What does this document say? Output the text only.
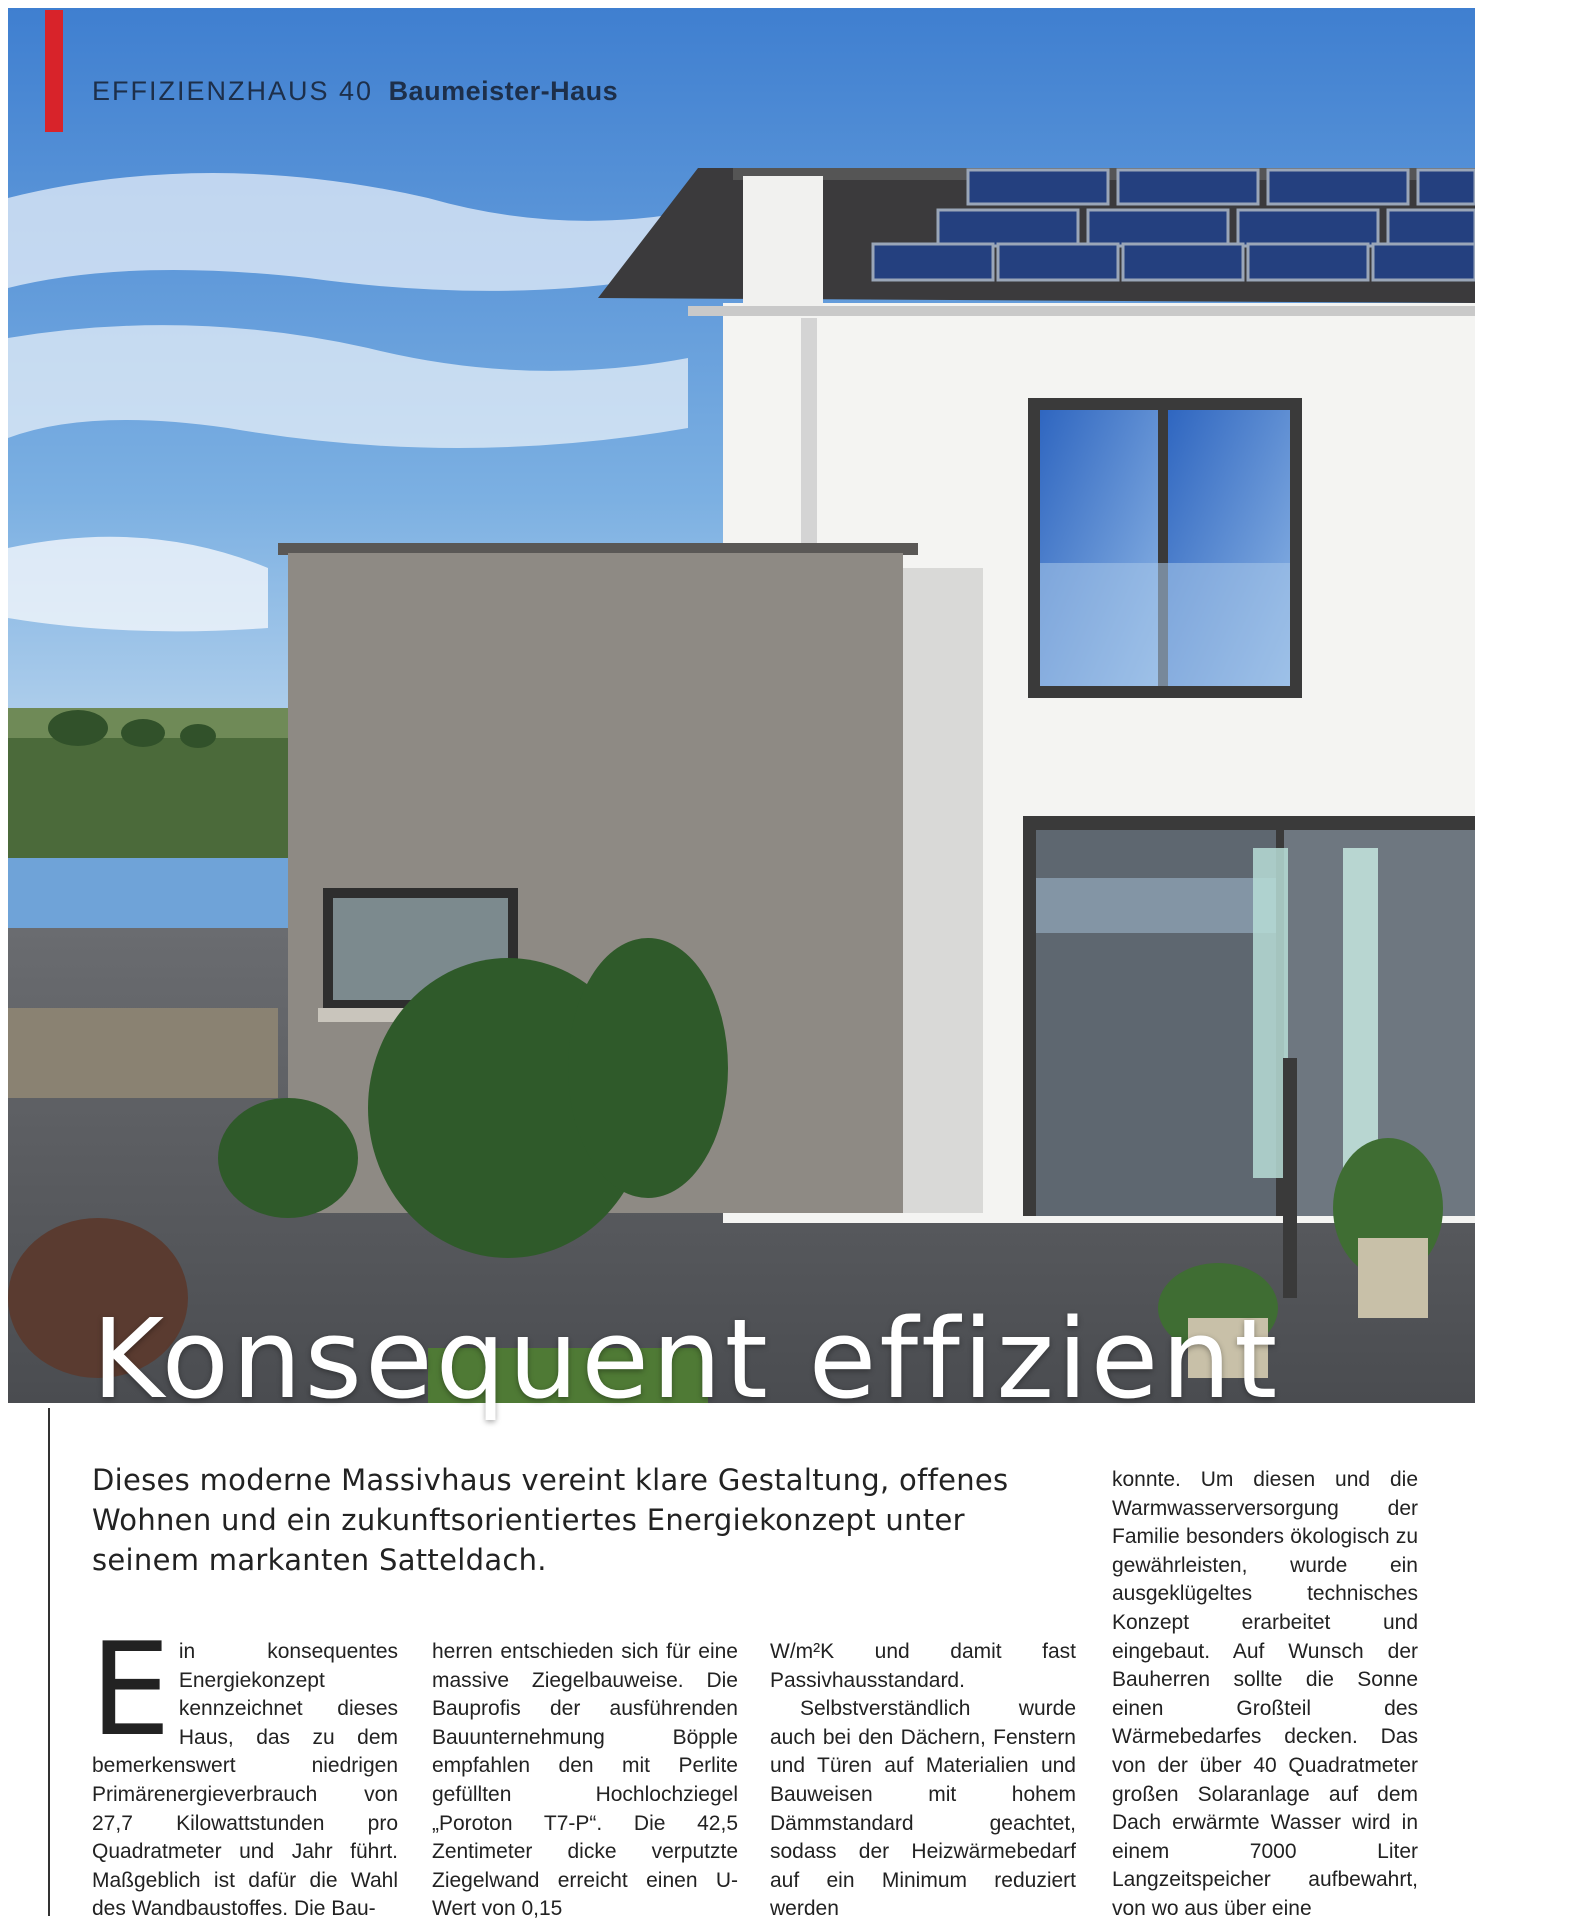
EFFIZIENZHAUS 40 Baumeister-Haus
Konsequent effizient
Dieses moderne Massivhaus vereint klare Gestaltung, offenes Wohnen und ein zukunftsorientiertes Energiekonzept unter seinem markanten Satteldach.
E in konsequentes Energiekonzept kennzeichnet dieses Haus, das zu dem bemerkenswert niedrigen Primärenergieverbrauch von 27,7 Kilowattstunden pro Quadratmeter und Jahr führt. Maßgeblich ist dafür die Wahl des Wandbaustoffes. Die Bau-
herren entschieden sich für eine massive Ziegelbauweise. Die Bauprofis der ausführenden Bauunternehmung Böpple empfahlen den mit Perlite gefüllten Hochlochziegel „Poroton T7-P“. Die 42,5 Zentimeter dicke verputzte Ziegelwand erreicht einen U-Wert von 0,15
W/m²K und damit fast Passivhausstandard.
Selbstverständlich wurde auch bei den Dächern, Fenstern und Türen auf Materialien und Bauweisen mit hohem Dämmstandard geachtet, sodass der Heizwärmebedarf auf ein Minimum reduziert werden
konnte. Um diesen und die Warmwasserversorgung der Familie besonders ökologisch zu gewährleisten, wurde ein ausgeklügeltes technisches Konzept erarbeitet und eingebaut. Auf Wunsch der Bauherren sollte die Sonne einen Großteil des Wärmebedarfes decken. Das von der über 40 Quadratmeter großen Solaranlage auf dem Dach erwärmte Wasser wird in einem 7000 Liter Langzeitspeicher aufbewahrt, von wo aus über eine
